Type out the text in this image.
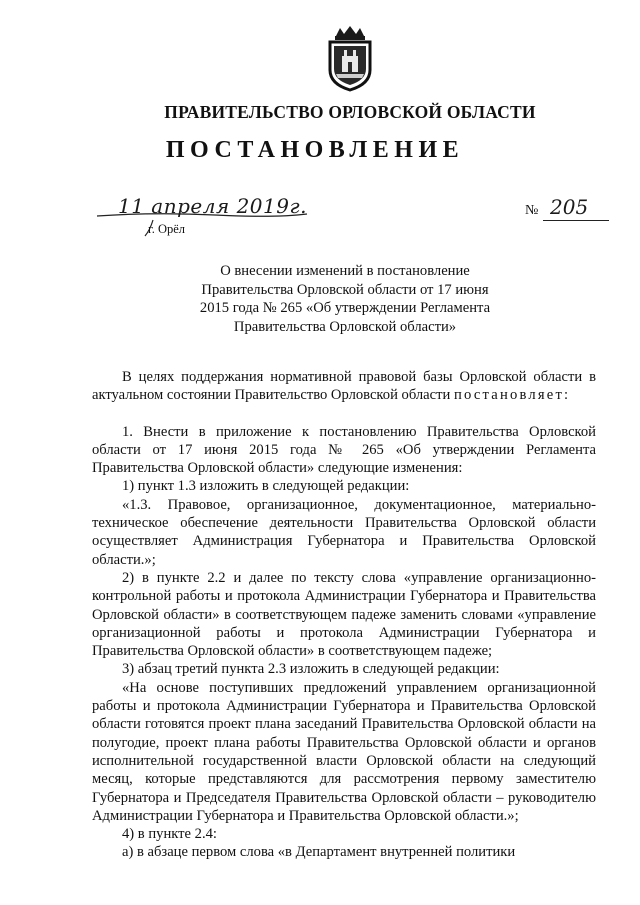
ПРАВИТЕЛЬСТВО ОРЛОВСКОЙ ОБЛАСТИ
ПОСТАНОВЛЕНИЕ
11 апреля 2019г.
г. Орёл
№ 205
О внесении изменений в постановление
Правительства Орловской области от 17 июня
2015 года № 265 «Об утверждении Регламента
Правительства Орловской области»

В целях поддержания нормативной правовой базы Орловской области в актуальном состоянии Правительство Орловской области постановляет:

1. Внести в приложение к постановлению Правительства Орловской области от 17 июня 2015 года № 265 «Об утверждении Регламента Правительства Орловской области» следующие изменения:

1) пункт 1.3 изложить в следующей редакции:

«1.3. Правовое, организационное, документационное, материально-техническое обеспечение деятельности Правительства Орловской области осуществляет Администрация Губернатора и Правительства Орловской области.»;

2) в пункте 2.2 и далее по тексту слова «управление организационно-контрольной работы и протокола Администрации Губернатора и Правительства Орловской области» в соответствующем падеже заменить словами «управление организационной работы и протокола Администрации Губернатора и Правительства Орловской области» в соответствующем падеже;

3) абзац третий пункта 2.3 изложить в следующей редакции:

«На основе поступивших предложений управлением организационной работы и протокола Администрации Губернатора и Правительства Орловской области готовятся проект плана заседаний Правительства Орловской области на полугодие, проект плана работы Правительства Орловской области и органов исполнительной государственной власти Орловской области на следующий месяц, которые представляются для рассмотрения первому заместителю Губернатора и Председателя Правительства Орловской области – руководителю Администрации Губернатора и Правительства Орловской области.»;

4) в пункте 2.4:

а) в абзаце первом слова «в Департамент внутренней политики
